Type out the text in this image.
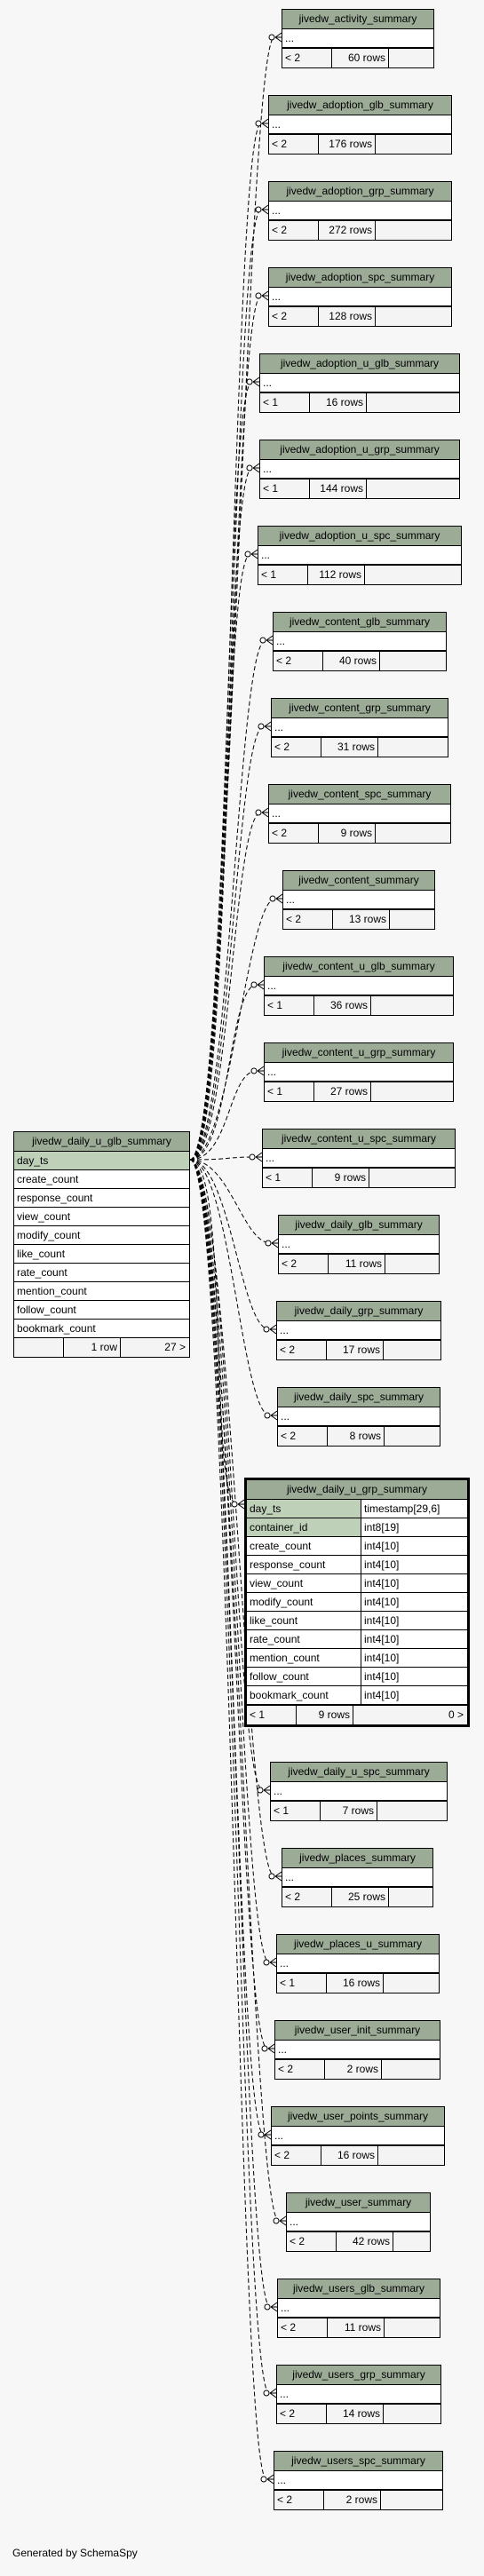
jivedw_daily_u_glb_summary
day_ts
create_count
response_count
view_count
modify_count
like_count
rate_count
mention_count
follow_count
bookmark_count
1 row	27 >
jivedw_daily_u_grp_summary
day_ts	timestamp[29,6]
container_id	int8[19]
create_count	int4[10]
response_count	int4[10]
view_count	int4[10]
modify_count	int4[10]
like_count	int4[10]
rate_count	int4[10]
mention_count	int4[10]
follow_count	int4[10]
bookmark_count	int4[10]
< 1	9 rows	0 >
jivedw_activity_summary
...
< 2	60 rows
jivedw_adoption_glb_summary
...
< 2	176 rows
jivedw_adoption_grp_summary
...
< 2	272 rows
jivedw_adoption_spc_summary
...
< 2	128 rows
jivedw_adoption_u_glb_summary
...
< 1	16 rows
jivedw_adoption_u_grp_summary
...
< 1	144 rows
jivedw_adoption_u_spc_summary
...
< 1	112 rows
jivedw_content_glb_summary
...
< 2	40 rows
jivedw_content_grp_summary
...
< 2	31 rows
jivedw_content_spc_summary
...
< 2	9 rows
jivedw_content_summary
...
< 2	13 rows
jivedw_content_u_glb_summary
...
< 1	36 rows
jivedw_content_u_grp_summary
...
< 1	27 rows
jivedw_content_u_spc_summary
...
< 1	9 rows
jivedw_daily_glb_summary
...
< 2	11 rows
jivedw_daily_grp_summary
...
< 2	17 rows
jivedw_daily_spc_summary
...
< 2	8 rows
jivedw_daily_u_spc_summary
...
< 1	7 rows
jivedw_places_summary
...
< 2	25 rows
jivedw_places_u_summary
...
< 1	16 rows
jivedw_user_init_summary
...
< 2	2 rows
jivedw_user_points_summary
...
< 2	16 rows
jivedw_user_summary
...
< 2	42 rows
jivedw_users_glb_summary
...
< 2	11 rows
jivedw_users_grp_summary
...
< 2	14 rows
jivedw_users_spc_summary
...
< 2	2 rows
Generated by SchemaSpy
